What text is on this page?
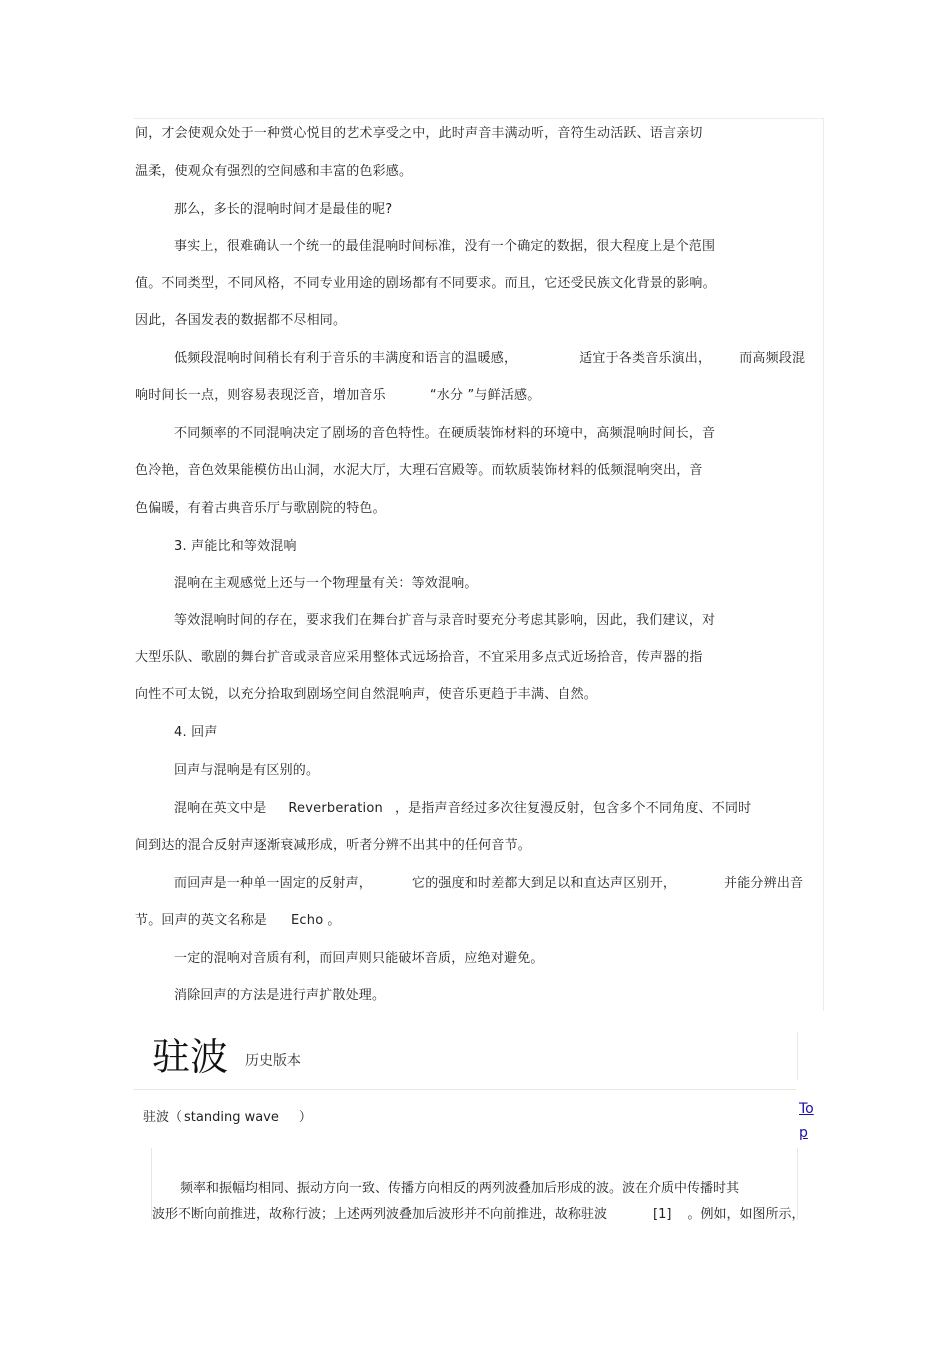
间，才会使观众处于一种赏心悦目的艺术享受之中，此时声音丰满动听，音符生动活跃、语言亲切
温柔，使观众有强烈的空间感和丰富的色彩感。
那么，多长的混响时间才是最佳的呢?
事实上，很难确认一个统一的最佳混响时间标准，没有一个确定的数据，很大程度上是个范围
值。不同类型，不同风格，不同专业用途的剧场都有不同要求。而且，它还受民族文化背景的影响。
因此，各国发表的数据都不尽相同。
低频段混响时间稍长有利于音乐的丰满度和语言的温暖感，	适宜于各类音乐演出， 而高频段混
响时间长一点，则容易表现泛音，增加音乐	“水分 ”与鲜活感。
不同频率的不同混响决定了剧场的音色特性。在硬质装饰材料的环境中，高频混响时间长，音
色冷艳，音色效果能模仿出山洞，水泥大厅，大理石宫殿等。而软质装饰材料的低频混响突出，音
色偏暖，有着古典音乐厅与歌剧院的特色。
3. 声能比和等效混响
混响在主观感觉上还与一个物理量有关：等效混响。
等效混响时间的存在，要求我们在舞台扩音与录音时要充分考虑其影响，因此，我们建议，对
大型乐队、歌剧的舞台扩音或录音应采用整体式远场拾音，不宜采用多点式近场拾音，传声器的指
向性不可太锐，以充分拾取到剧场空间自然混响声，使音乐更趋于丰满、自然。
4. 回声
回声与混响是有区别的。
混响在英文中是 Reverberation ，是指声音经过多次往复漫反射，包含多个不同角度、不同时
间到达的混合反射声逐渐衰减形成，听者分辨不出其中的任何音节。
而回声是一种单一固定的反射声，	它的强度和时差都大到足以和直达声区别开，	并能分辨出音
节。回声的英文名称是 Echo 。
一定的混响对音质有利，而回声则只能破坏音质，应绝对避免。
消除回声的方法是进行声扩散处理。
驻波 历史版本
驻波（ standing wave ）
Top
频率和振幅均相同、振动方向一致、传播方向相反的两列波叠加后形成的波。波在介质中传播时其
波形不断向前推进，故称行波；上述两列波叠加后波形并不向前推进，故称驻波	[1] 。例如，如图所示，
